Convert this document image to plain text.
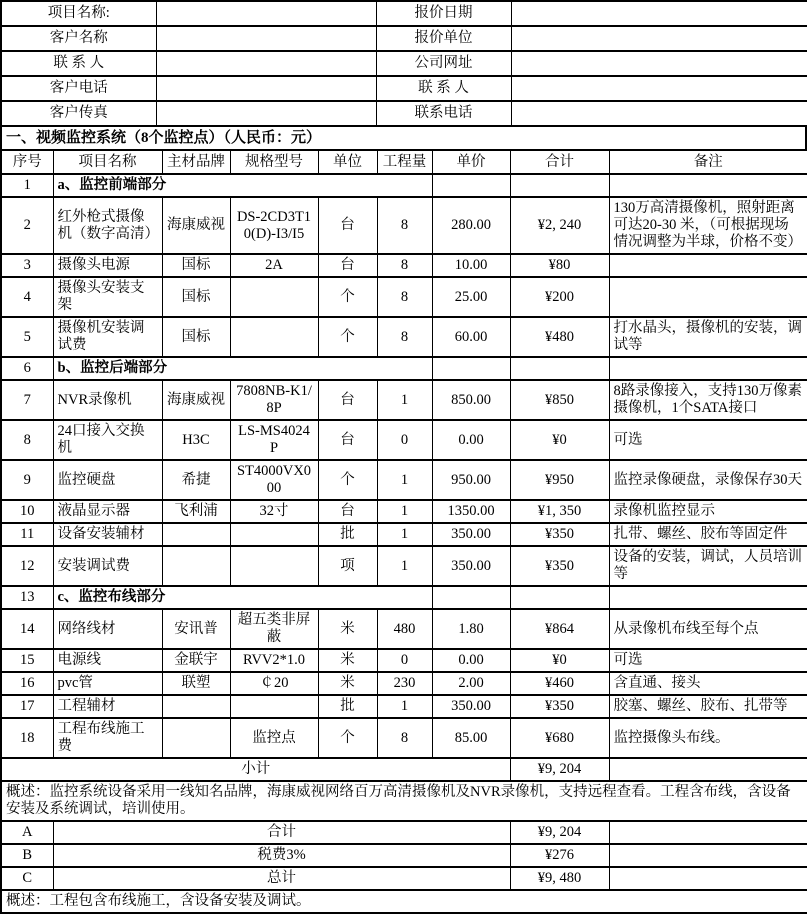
项目名称:		报价日期	
客户名称		报价单位	
联 系 人		公司网址	
客户电话		联 系 人	
客户传真		联系电话	
一、视频监控系统（8个监控点）（人民币：元）
序号	项目名称	主材品牌	规格型号	单位	工程量	单价	合计	备注
1	a、监控前端部分							
2	红外枪式摄像机（数字高清）	海康威视	DS-2CD3T10(D)-I3/I5	台	8	280.00	¥2, 240	130万高清摄像机，照射距离可达20-30 米，（可根据现场情况调整为半球，价格不变）
3	摄像头电源	国标	2A	台	8	10.00	¥80	
4	摄像头安装支架	国标		个	8	25.00	¥200	
5	摄像机安装调试费	国标		个	8	60.00	¥480	打水晶头，摄像机的安装，调试等
6	b、监控后端部分							
7	NVR录像机	海康威视	7808NB-K1/8P	台	1	850.00	¥850	8路录像接入，支持130万像素摄像机，1个SATA接口
8	24口接入交换机	H3C	LS-MS4024P	台	0	0.00	¥0	可选
9	监控硬盘	希捷	ST4000VX000	个	1	950.00	¥950	监控录像硬盘，录像保存30天
10	液晶显示器	飞利浦	32寸	台	1	1350.00	¥1, 350	录像机监控显示
11	设备安装辅材			批	1	350.00	¥350	扎带、螺丝、胶布等固定件
12	安装调试费			项	1	350.00	¥350	设备的安装，调试，人员培训等
13	c、监控布线部分							
14	网络线材	安讯普	超五类非屏蔽	米	480	1.80	¥864	从录像机布线至每个点
15	电源线	金联宇	RVV2*1.0	米	0	0.00	¥0	可选
16	pvc管	联塑	￠20	米	230	2.00	¥460	含直通、接头
17	工程辅材			批	1	350.00	¥350	胶塞、螺丝、胶布、扎带等
18	工程布线施工费		监控点	个	8	85.00	¥680	监控摄像头布线。
小计							¥9, 204	
概述：监控系统设备采用一线知名品牌，海康威视网络百万高清摄像机及NVR录像机，支持远程查看。工程含布线，含设备安装及系统调试，培训使用。								
A	合计						¥9, 204	
B	税费3%						¥276	
C	总计						¥9, 480	
概述：工程包含布线施工，含设备安装及调试。								
